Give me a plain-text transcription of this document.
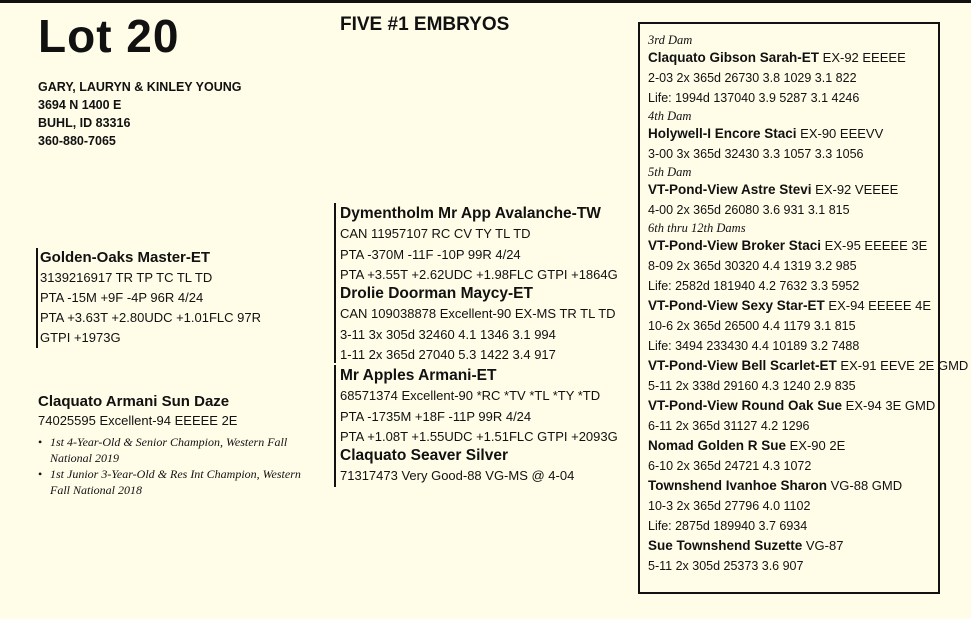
Lot 20
GARY, LAURYN & KINLEY YOUNG
3694 N 1400 E
BUHL, ID 83316
360-880-7065
FIVE #1 EMBRYOS
Golden-Oaks Master-ET
3139216917 TR TP TC TL TD
PTA -15M +9F -4P 96R 4/24
PTA +3.63T +2.80UDC +1.01FLC 97R
GTPI +1973G
Claquato Armani Sun Daze
74025595 Excellent-94 EEEEE 2E
• 1st 4-Year-Old & Senior Champion, Western Fall National 2019
• 1st Junior 3-Year-Old & Res Int Champion, Western Fall National 2018
Dymentholm Mr App Avalanche-TW
CAN 11957107 RC CV TY TL TD
PTA -370M -11F -10P 99R 4/24
PTA +3.55T +2.62UDC +1.98FLC GTPI +1864G
Drolie Doorman Maycy-ET
CAN 109038878 Excellent-90 EX-MS TR TL TD
3-11 3x 305d 32460 4.1 1346 3.1 994
1-11 2x 365d 27040 5.3 1422 3.4 917
Mr Apples Armani-ET
68571374 Excellent-90 *RC *TV *TL *TY *TD
PTA -1735M +18F -11P 99R 4/24
PTA +1.08T +1.55UDC +1.51FLC GTPI +2093G
Claquato Seaver Silver
71317473 Very Good-88 VG-MS @ 4-04
3rd Dam
Claquato Gibson Sarah-ET EX-92 EEEEE
2-03 2x 365d 26730 3.8 1029 3.1 822
Life: 1994d 137040 3.9 5287 3.1 4246
4th Dam
Holywell-I Encore Staci EX-90 EEEVV
3-00 3x 365d 32430 3.3 1057 3.3 1056
5th Dam
VT-Pond-View Astre Stevi EX-92 VEEEE
4-00 2x 365d 26080 3.6 931 3.1 815
6th thru 12th Dams
VT-Pond-View Broker Staci EX-95 EEEEE 3E
8-09 2x 365d 30320 4.4 1319 3.2 985
Life: 2582d 181940 4.2 7632 3.3 5952
VT-Pond-View Sexy Star-ET EX-94 EEEEE 4E
10-6 2x 365d 26500 4.4 1179 3.1 815
Life: 3494 233430 4.4 10189 3.2 7488
VT-Pond-View Bell Scarlet-ET EX-91 EEVE 2E GMD
5-11 2x 338d 29160 4.3 1240 2.9 835
VT-Pond-View Round Oak Sue EX-94 3E GMD
6-11 2x 365d 31127 4.2 1296
Nomad Golden R Sue EX-90 2E
6-10 2x 365d 24721 4.3 1072
Townshend Ivanhoe Sharon VG-88 GMD
10-3 2x 365d 27796 4.0 1102
Life: 2875d 189940 3.7 6934
Sue Townshend Suzette VG-87
5-11 2x 305d 25373 3.6 907
